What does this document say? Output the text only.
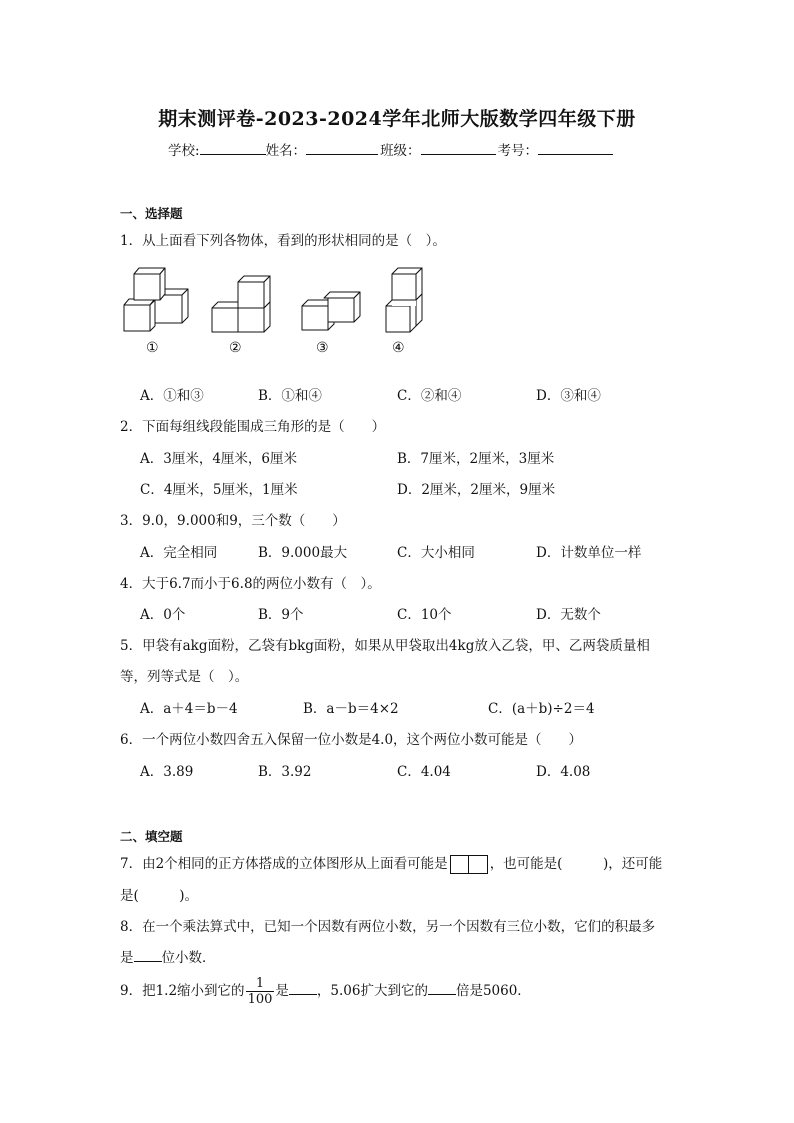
期末测评卷-2023-2024学年北师大版数学四年级下册
学校:	姓名：	班级：	考号：
一、选择题
1．从上面看下列各物体，看到的形状相同的是（　）。
①	②	③	④
A．①和③	B．①和④	C．②和④	D．③和④
2．下面每组线段能围成三角形的是（　　）
A．3厘米，4厘米，6厘米	B．7厘米，2厘米，3厘米
C．4厘米，5厘米，1厘米	D．2厘米，2厘米，9厘米
3．9.0，9.000和9，三个数（　　）
A．完全相同	B．9.000最大	C．大小相同	D．计数单位一样
4．大于6.7而小于6.8的两位小数有（　）。
A．0个	B．9个	C．10个	D．无数个
5．甲袋有akg面粉，乙袋有bkg面粉，如果从甲袋取出4kg放入乙袋，甲、乙两袋质量相
等，列等式是（　）。
A．a＋4＝b－4	B．a－b＝4×2	C．(a＋b)÷2＝4
6．一个两位小数四舍五入保留一位小数是4.0，这个两位小数可能是（　　）
A．3.89	B．3.92	C．4.04	D．4.08
二、填空题
7．由2个相同的正方体搭成的立体图形从上面看可能是	，也可能是(　　　)，还可能
是(　　　)。
8．在一个乘法算式中，已知一个因数有两位小数，另一个因数有三位小数，它们的积最多
是 位小数．
9．把1.2缩小到它的 $\frac{1}{100}$ 是 ，5.06扩大到它的 倍是5060．
